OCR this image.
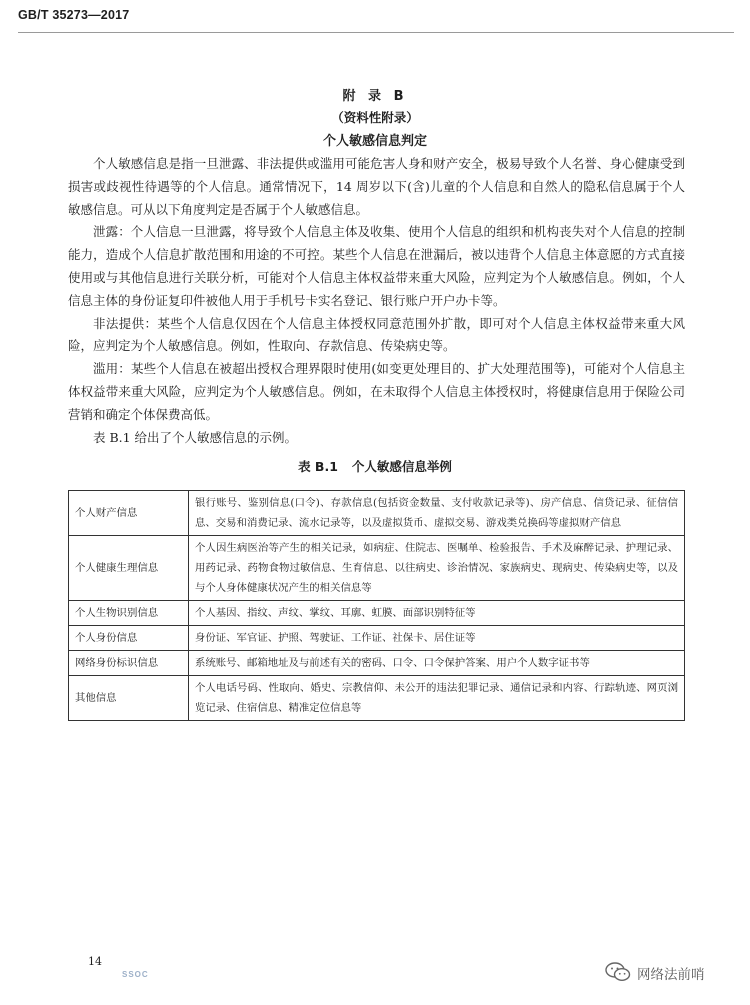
GB/T 35273—2017
附 录 B
（资料性附录）
个人敏感信息判定

个人敏感信息是指一旦泄露、非法提供或滥用可能危害人身和财产安全，极易导致个人名誉、身心健康受到损害或歧视性待遇等的个人信息。通常情况下，14 周岁以下(含)儿童的个人信息和自然人的隐私信息属于个人敏感信息。可从以下角度判定是否属于个人敏感信息。

泄露：个人信息一旦泄露，将导致个人信息主体及收集、使用个人信息的组织和机构丧失对个人信息的控制能力，造成个人信息扩散范围和用途的不可控。某些个人信息在泄漏后，被以违背个人信息主体意愿的方式直接使用或与其他信息进行关联分析，可能对个人信息主体权益带来重大风险，应判定为个人敏感信息。例如，个人信息主体的身份证复印件被他人用于手机号卡实名登记、银行账户开户办卡等。

非法提供：某些个人信息仅因在个人信息主体授权同意范围外扩散，即可对个人信息主体权益带来重大风险，应判定为个人敏感信息。例如，性取向、存款信息、传染病史等。

滥用：某些个人信息在被超出授权合理界限时使用(如变更处理目的、扩大处理范围等)，可能对个人信息主体权益带来重大风险，应判定为个人敏感信息。例如，在未取得个人信息主体授权时，将健康信息用于保险公司营销和确定个体保费高低。

表 B.1 给出了个人敏感信息的示例。

表 B.1 个人敏感信息举例
个人财产信息	银行账号、鉴别信息(口令)、存款信息(包括资金数量、支付收款记录等)、房产信息、信贷记录、征信信息、交易和消费记录、流水记录等，以及虚拟货币、虚拟交易、游戏类兑换码等虚拟财产信息
个人健康生理信息	个人因生病医治等产生的相关记录，如病症、住院志、医嘱单、检验报告、手术及麻醉记录、护理记录、用药记录、药物食物过敏信息、生育信息、以往病史、诊治情况、家族病史、现病史、传染病史等，以及与个人身体健康状况产生的相关信息等
个人生物识别信息	个人基因、指纹、声纹、掌纹、耳廓、虹膜、面部识别特征等
个人身份信息	身份证、军官证、护照、驾驶证、工作证、社保卡、居住证等
网络身份标识信息	系统账号、邮箱地址及与前述有关的密码、口令、口令保护答案、用户个人数字证书等
其他信息	个人电话号码、性取向、婚史、宗教信仰、未公开的违法犯罪记录、通信记录和内容、行踪轨迹、网页浏览记录、住宿信息、精准定位信息等
14
SSOC	网络法前哨
